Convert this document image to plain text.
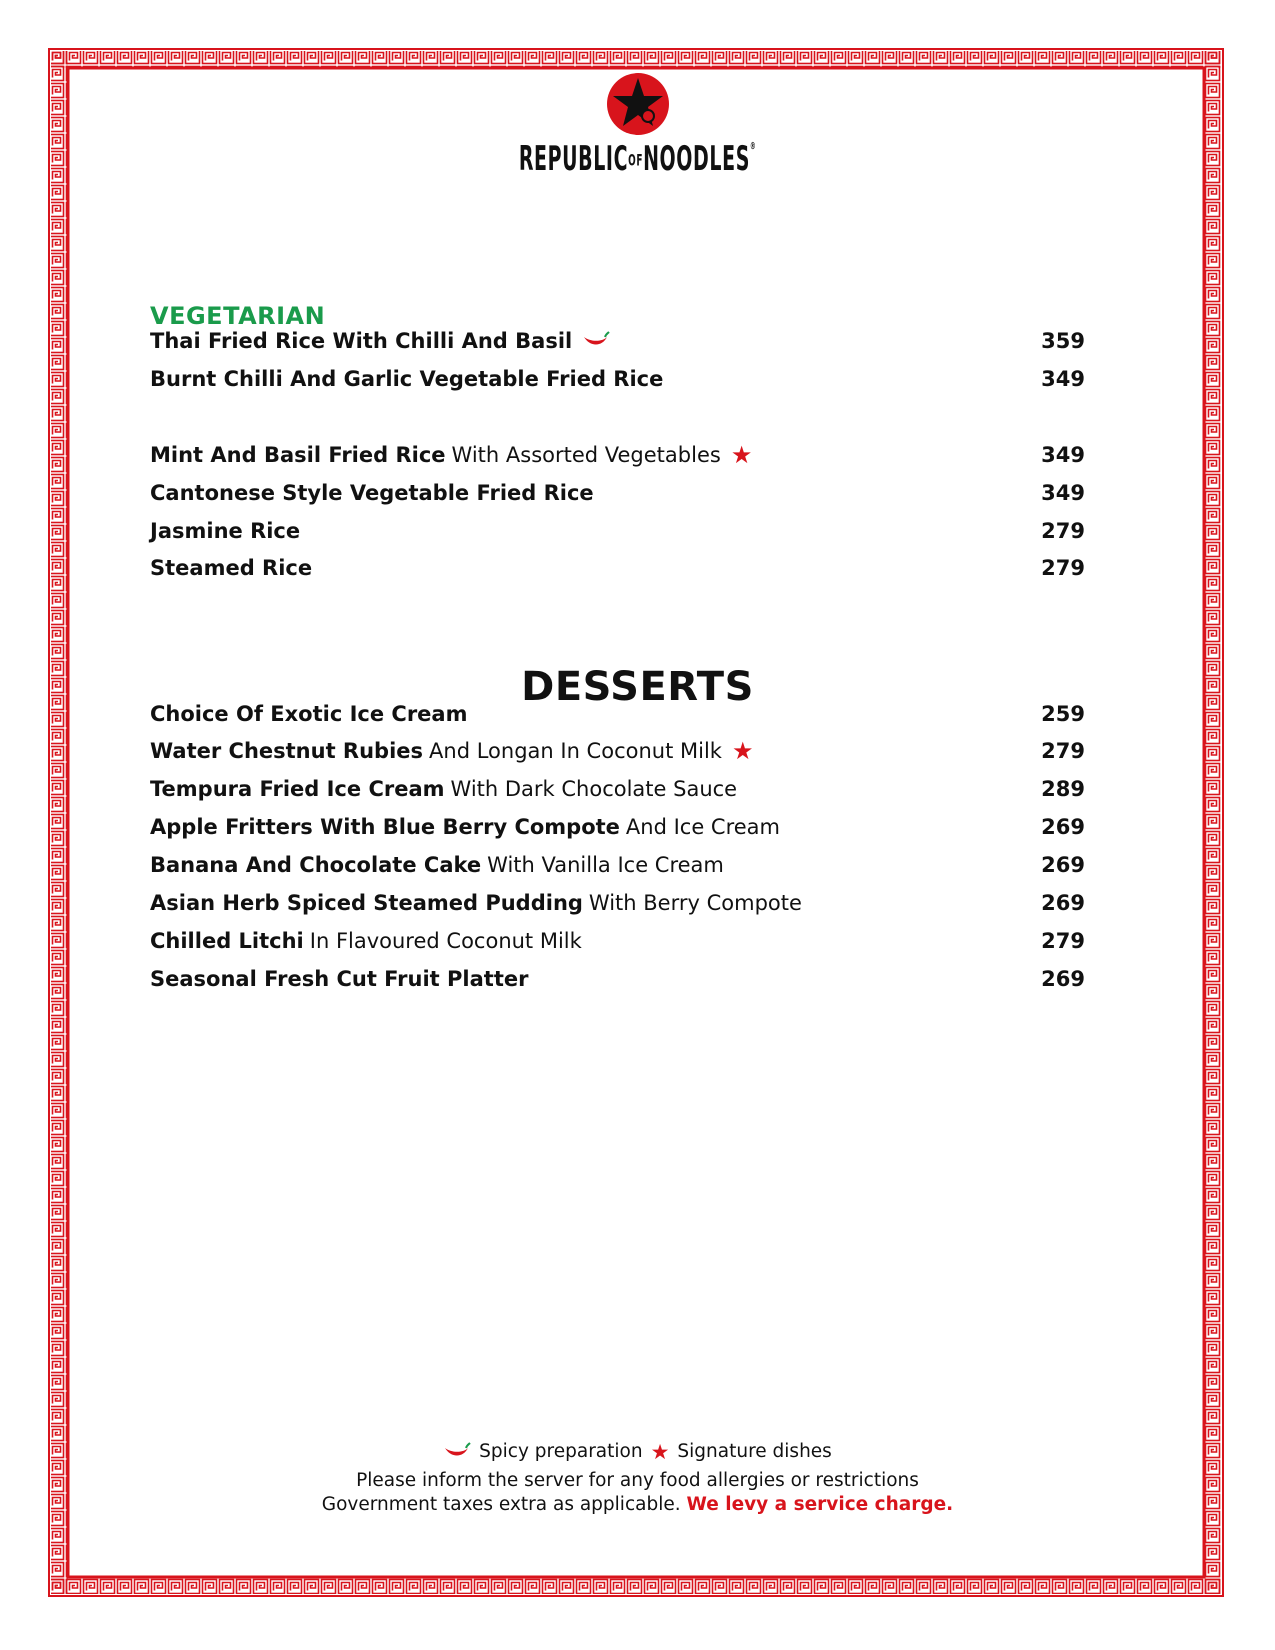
REPUBLICOFNOODLES®
VEGETARIAN
Thai Fried Rice With Chilli And Basil	359
Burnt Chilli And Garlic Vegetable Fried Rice	349
Mint And Basil Fried Rice With Assorted Vegetables ★	349
Cantonese Style Vegetable Fried Rice	349
Jasmine Rice	279
Steamed Rice	279
DESSERTS
Choice Of Exotic Ice Cream	259
Water Chestnut Rubies And Longan In Coconut Milk ★	279
Tempura Fried Ice Cream With Dark Chocolate Sauce	289
Apple Fritters With Blue Berry Compote And Ice Cream	269
Banana And Chocolate Cake With Vanilla Ice Cream	269
Asian Herb Spiced Steamed Pudding With Berry Compote	269
Chilled Litchi In Flavoured Coconut Milk	279
Seasonal Fresh Cut Fruit Platter	269
Spicy preparation ★ Signature dishes
Please inform the server for any food allergies or restrictions
Government taxes extra as applicable. We levy a service charge.
